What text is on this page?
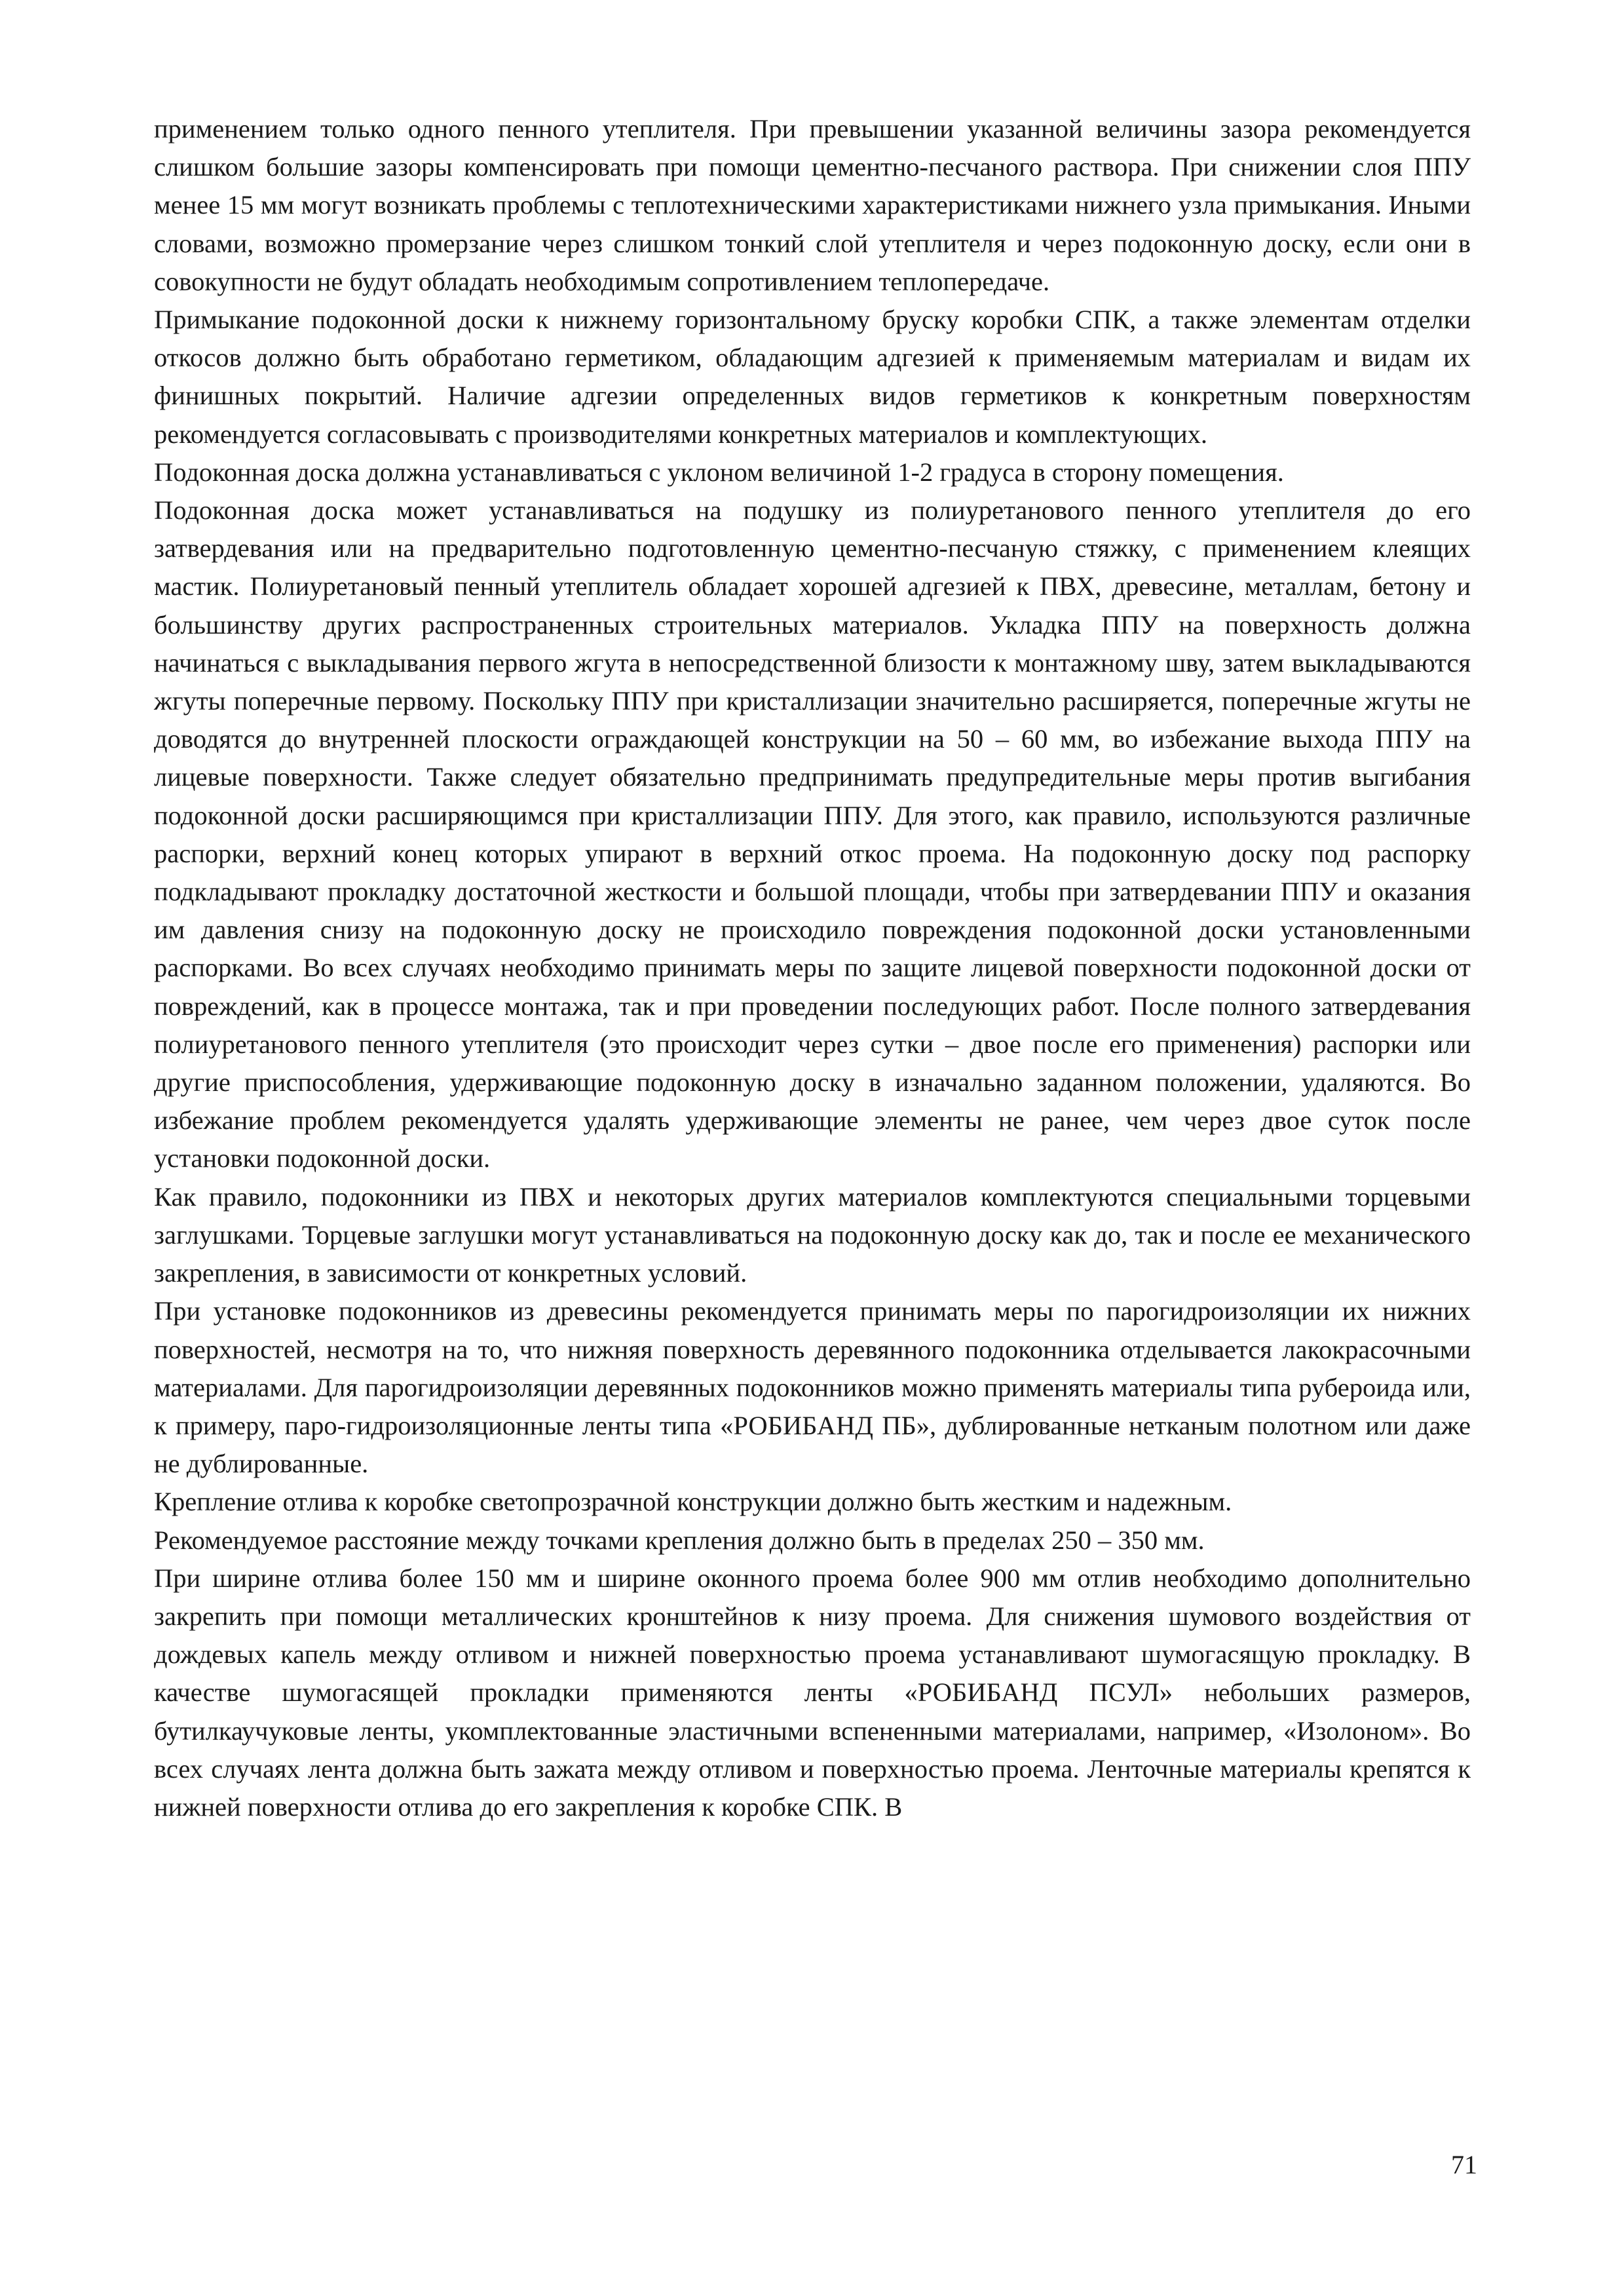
применением только одного пенного утеплителя. При превышении указанной величины зазора рекомендуется слишком большие зазоры компенсировать при помощи цементно-песчаного раствора. При снижении слоя ППУ менее 15 мм могут возникать проблемы с теплотехническими характеристиками нижнего узла примыкания. Иными словами, возможно промерзание через слишком тонкий слой утеплителя и через подоконную доску, если они в совокупности не будут обладать необходимым сопротивлением теплопередаче.

Примыкание подоконной доски к нижнему горизонтальному бруску коробки СПК, а также элементам отделки откосов должно быть обработано герметиком, обладающим адгезией к применяемым материалам и видам их финишных покрытий. Наличие адгезии определенных видов герметиков к конкретным поверхностям рекомендуется согласовывать с производителями конкретных материалов и комплектующих.

Подоконная доска должна устанавливаться с уклоном величиной 1-2 градуса в сторону помещения.

Подоконная доска может устанавливаться на подушку из полиуретанового пенного утеплителя до его затвердевания или на предварительно подготовленную цементно-песчаную стяжку, с применением клеящих мастик. Полиуретановый пенный утеплитель обладает хорошей адгезией к ПВХ, древесине, металлам, бетону и большинству других распространенных строительных материалов. Укладка ППУ на поверхность должна начинаться с выкладывания первого жгута в непосредственной близости к монтажному шву, затем выкладываются жгуты поперечные первому. Поскольку ППУ при кристаллизации значительно расширяется, поперечные жгуты не доводятся до внутренней плоскости ограждающей конструкции на 50 – 60 мм, во избежание выхода ППУ на лицевые поверхности. Также следует обязательно предпринимать предупредительные меры против выгибания подоконной доски расширяющимся при кристаллизации ППУ. Для этого, как правило, используются различные распорки, верхний конец которых упирают в верхний откос проема. На подоконную доску под распорку подкладывают прокладку достаточной жесткости и большой площади, чтобы при затвердевании ППУ и оказания им давления снизу на подоконную доску не происходило повреждения подоконной доски установленными распорками. Во всех случаях необходимо принимать меры по защите лицевой поверхности подоконной доски от повреждений, как в процессе монтажа, так и при проведении последующих работ. После полного затвердевания полиуретанового пенного утеплителя (это происходит через сутки – двое после его применения) распорки или другие приспособления, удерживающие подоконную доску в изначально заданном положении, удаляются. Во избежание проблем рекомендуется удалять удерживающие элементы не ранее, чем через двое суток после установки подоконной доски.

Как правило, подоконники из ПВХ и некоторых других материалов комплектуются специальными торцевыми заглушками. Торцевые заглушки могут устанавливаться на подоконную доску как до, так и после ее механического закрепления, в зависимости от конкретных условий.

При установке подоконников из древесины рекомендуется принимать меры по парогидроизоляции их нижних поверхностей, несмотря на то, что нижняя поверхность деревянного подоконника отделывается лакокрасочными материалами. Для парогидроизоляции деревянных подоконников можно применять материалы типа рубероида или, к примеру, паро-гидроизоляционные ленты типа «РОБИБАНД ПБ», дублированные нетканым полотном или даже не дублированные.

Крепление отлива к коробке светопрозрачной конструкции должно быть жестким и надежным.

Рекомендуемое расстояние между точками крепления должно быть в пределах 250 – 350 мм.

При ширине отлива более 150 мм и ширине оконного проема более 900 мм отлив необходимо дополнительно закрепить при помощи металлических кронштейнов к низу проема. Для снижения шумового воздействия от дождевых капель между отливом и нижней поверхностью проема устанавливают шумогасящую прокладку. В качестве шумогасящей прокладки применяются ленты «РОБИБАНД ПСУЛ» небольших размеров, бутилкаучуковые ленты, укомплектованные эластичными вспененными материалами, например, «Изолоном». Во всех случаях лента должна быть зажата между отливом и поверхностью проема. Ленточные материалы крепятся к нижней поверхности отлива до его закрепления к коробке СПК. В

71
